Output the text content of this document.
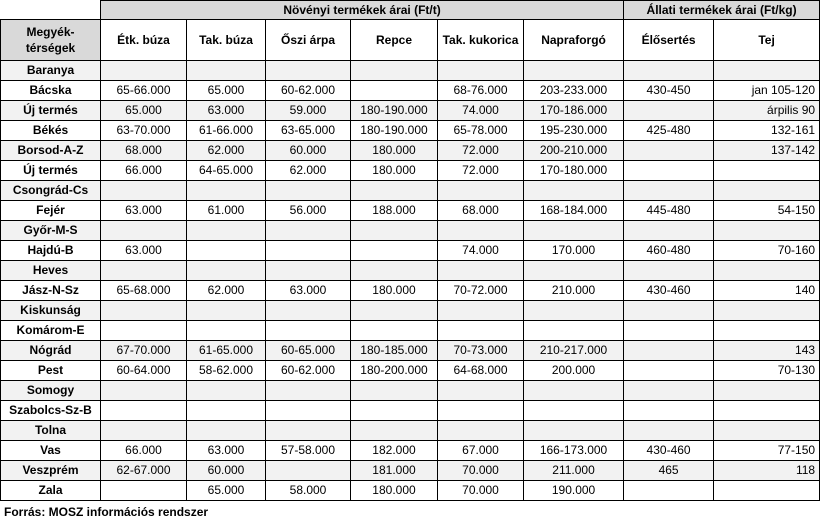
	Növényi termékek árai (Ft/t)						Állati termékek árai (Ft/kg)	
Megyék-térségek	Étk. búza	Tak. búza	Őszi árpa	Repce	Tak. kukorica	Napraforgó	Élősertés	Tej
Baranya								
Bácska	65-66.000	65.000	60-62.000		68-76.000	203-233.000	430-450	jan 105-120
Új termés	65.000	63.000	59.000	180-190.000	74.000	170-186.000		árpilis 90
Békés	63-70.000	61-66.000	63-65.000	180-190.000	65-78.000	195-230.000	425-480	132-161
Borsod-A-Z	68.000	62.000	60.000	180.000	72.000	200-210.000		137-142
Új termés	66.000	64-65.000	62.000	180.000	72.000	170-180.000		
Csongrád-Cs								
Fejér	63.000	61.000	56.000	188.000	68.000	168-184.000	445-480	54-150
Győr-M-S								
Hajdú-B	63.000				74.000	170.000	460-480	70-160
Heves								
Jász-N-Sz	65-68.000	62.000	63.000	180.000	70-72.000	210.000	430-460	140
Kiskunság								
Komárom-E								
Nógrád	67-70.000	61-65.000	60-65.000	180-185.000	70-73.000	210-217.000		143
Pest	60-64.000	58-62.000	60-62.000	180-200.000	64-68.000	200.000		70-130
Somogy								
Szabolcs-Sz-B								
Tolna								
Vas	66.000	63.000	57-58.000	182.000	67.000	166-173.000	430-460	77-150
Veszprém	62-67.000	60.000		181.000	70.000	211.000	465	118
Zala		65.000	58.000	180.000	70.000	190.000		
Forrás: MOSZ információs rendszer
